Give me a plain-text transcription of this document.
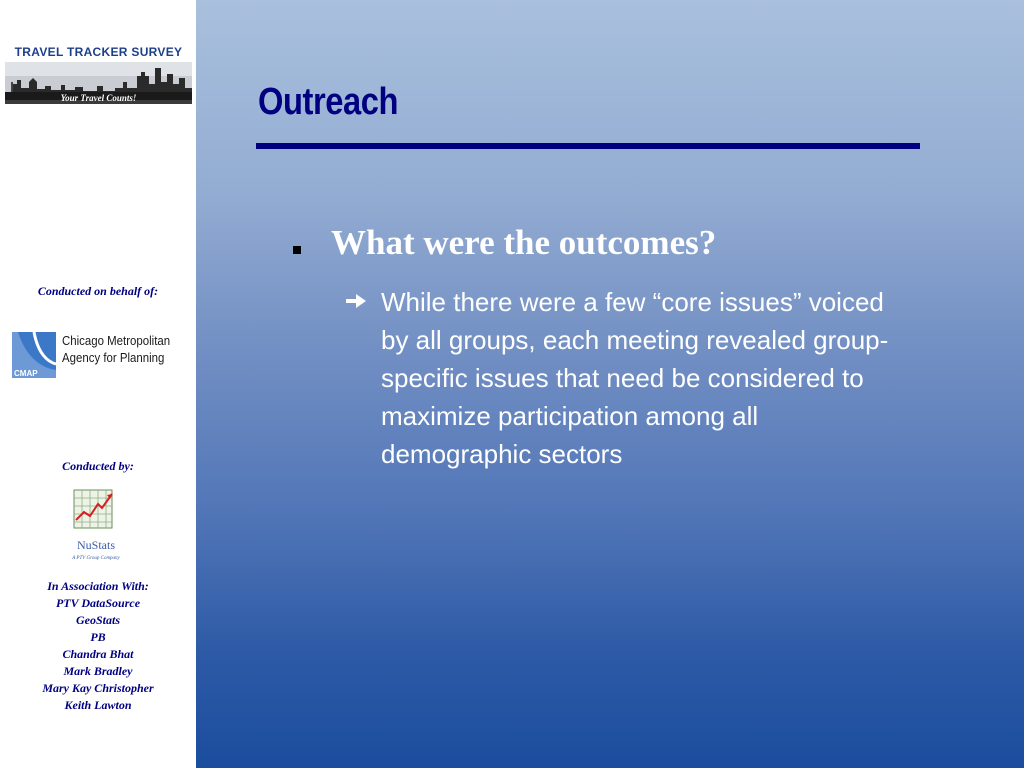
TRAVEL TRACKER SURVEY
Your Travel Counts!
Conducted on behalf of:
CMAP
Chicago Metropolitan
Agency for Planning
Conducted by:
NuStats
A PTV Group Company
In Association With:
PTV DataSource
GeoStats
PB
Chandra Bhat
Mark Bradley
Mary Kay Christopher
Keith Lawton
Outreach
What were the outcomes?
While there were a few “core issues” voiced
by all groups, each meeting revealed group-
specific issues that need be considered to
maximize participation among all
demographic sectors
